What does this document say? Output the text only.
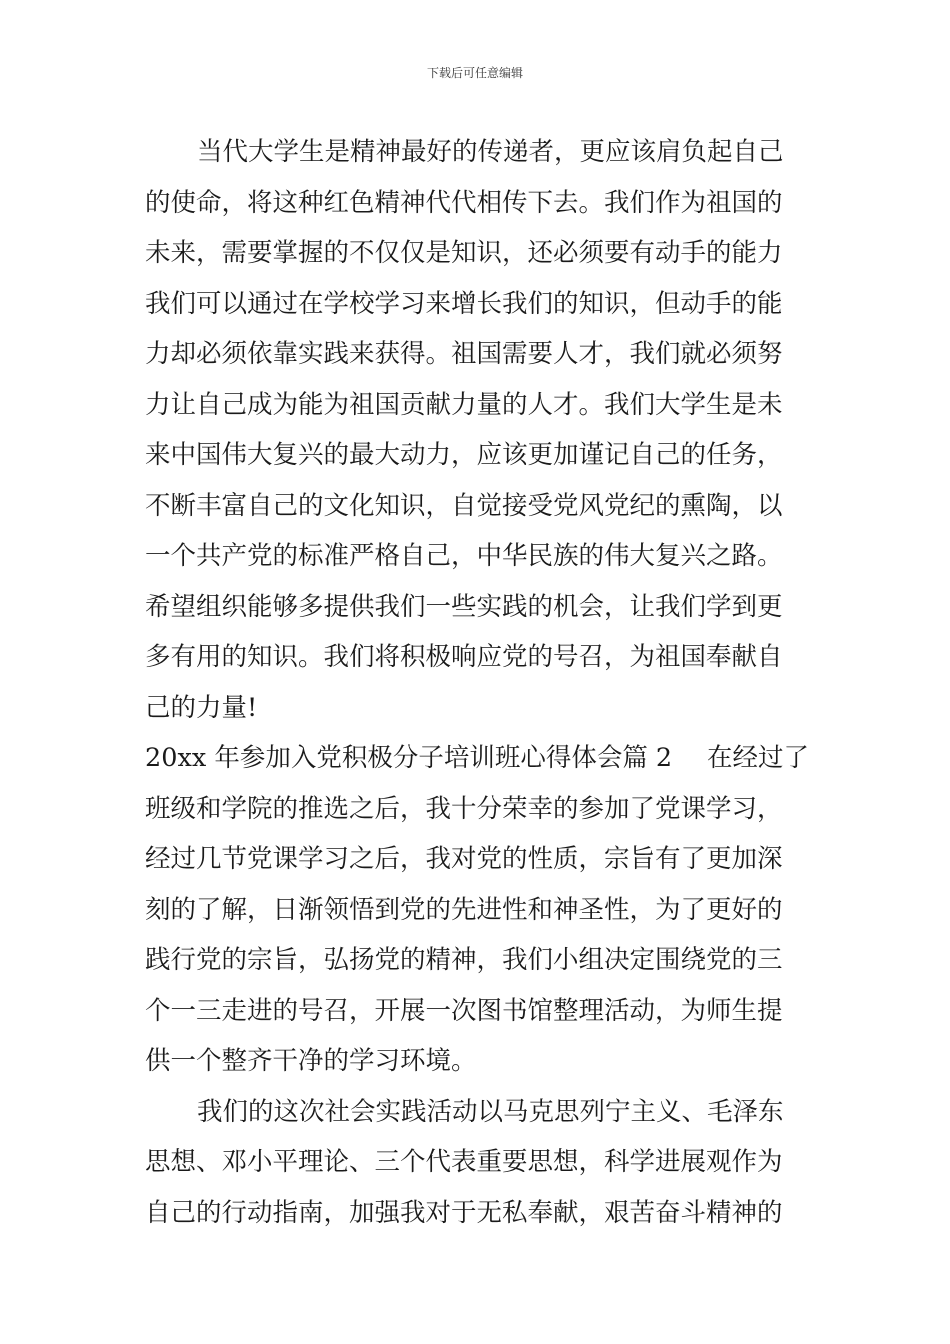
下载后可任意编辑
当代大学生是精神最好的传递者，更应该肩负起自己
的使命，将这种红色精神代代相传下去。我们作为祖国的
未来，需要掌握的不仅仅是知识，还必须要有动手的能力
我们可以通过在学校学习来增长我们的知识，但动手的能
力却必须依靠实践来获得。祖国需要人才，我们就必须努
力让自己成为能为祖国贡献力量的人才。我们大学生是未
来中国伟大复兴的最大动力，应该更加谨记自己的任务，
不断丰富自己的文化知识，自觉接受党风党纪的熏陶，以
一个共产党的标准严格自己，中华民族的伟大复兴之路。
希望组织能够多提供我们一些实践的机会，让我们学到更
多有用的知识。我们将积极响应党的号召，为祖国奉献自
己的力量!
20xx 年参加入党积极分子培训班心得体会篇 2 在经过了
班级和学院的推选之后，我十分荣幸的参加了党课学习，
经过几节党课学习之后，我对党的性质，宗旨有了更加深
刻的了解，日渐领悟到党的先进性和神圣性，为了更好的
践行党的宗旨，弘扬党的精神，我们小组决定围绕党的三
个一三走进的号召，开展一次图书馆整理活动，为师生提
供一个整齐干净的学习环境。
我们的这次社会实践活动以马克思列宁主义、毛泽东
思想、邓小平理论、三个代表重要思想，科学进展观作为
自己的行动指南，加强我对于无私奉献，艰苦奋斗精神的
